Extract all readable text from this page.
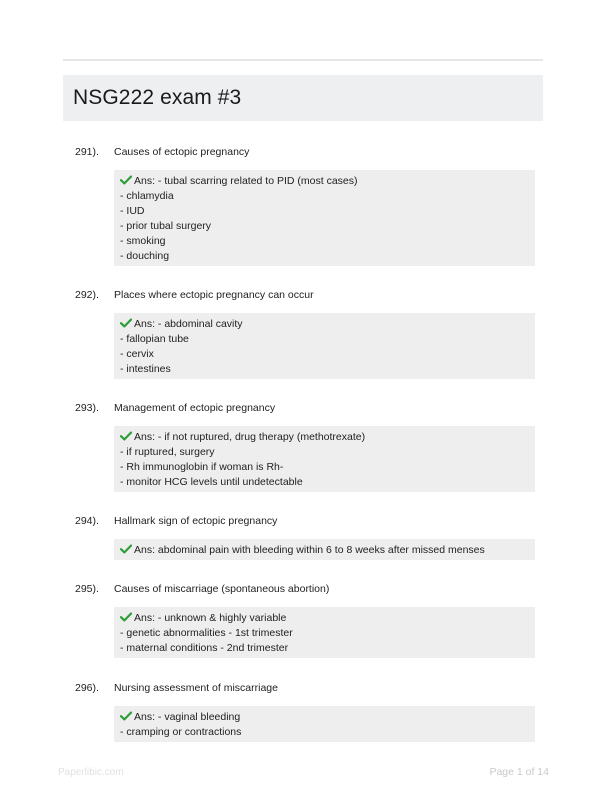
NSG222 exam #3
291). Causes of ectopic pregnancy
Ans: - tubal scarring related to PID (most cases)
- chlamydia
- IUD
- prior tubal surgery
- smoking
- douching
292). Places where ectopic pregnancy can occur
Ans: - abdominal cavity
- fallopian tube
- cervix
- intestines
293). Management of ectopic pregnancy
Ans: - if not ruptured, drug therapy (methotrexate)
- if ruptured, surgery
- Rh immunoglobin if woman is Rh-
- monitor HCG levels until undetectable
294). Hallmark sign of ectopic pregnancy
Ans: abdominal pain with bleeding within 6 to 8 weeks after missed menses
295). Causes of miscarriage (spontaneous abortion)
Ans: - unknown & highly variable
- genetic abnormalities - 1st trimester
- maternal conditions - 2nd trimester
296). Nursing assessment of miscarriage
Ans: - vaginal bleeding
- cramping or contractions
Paperlibic.com	Page 1 of 14
